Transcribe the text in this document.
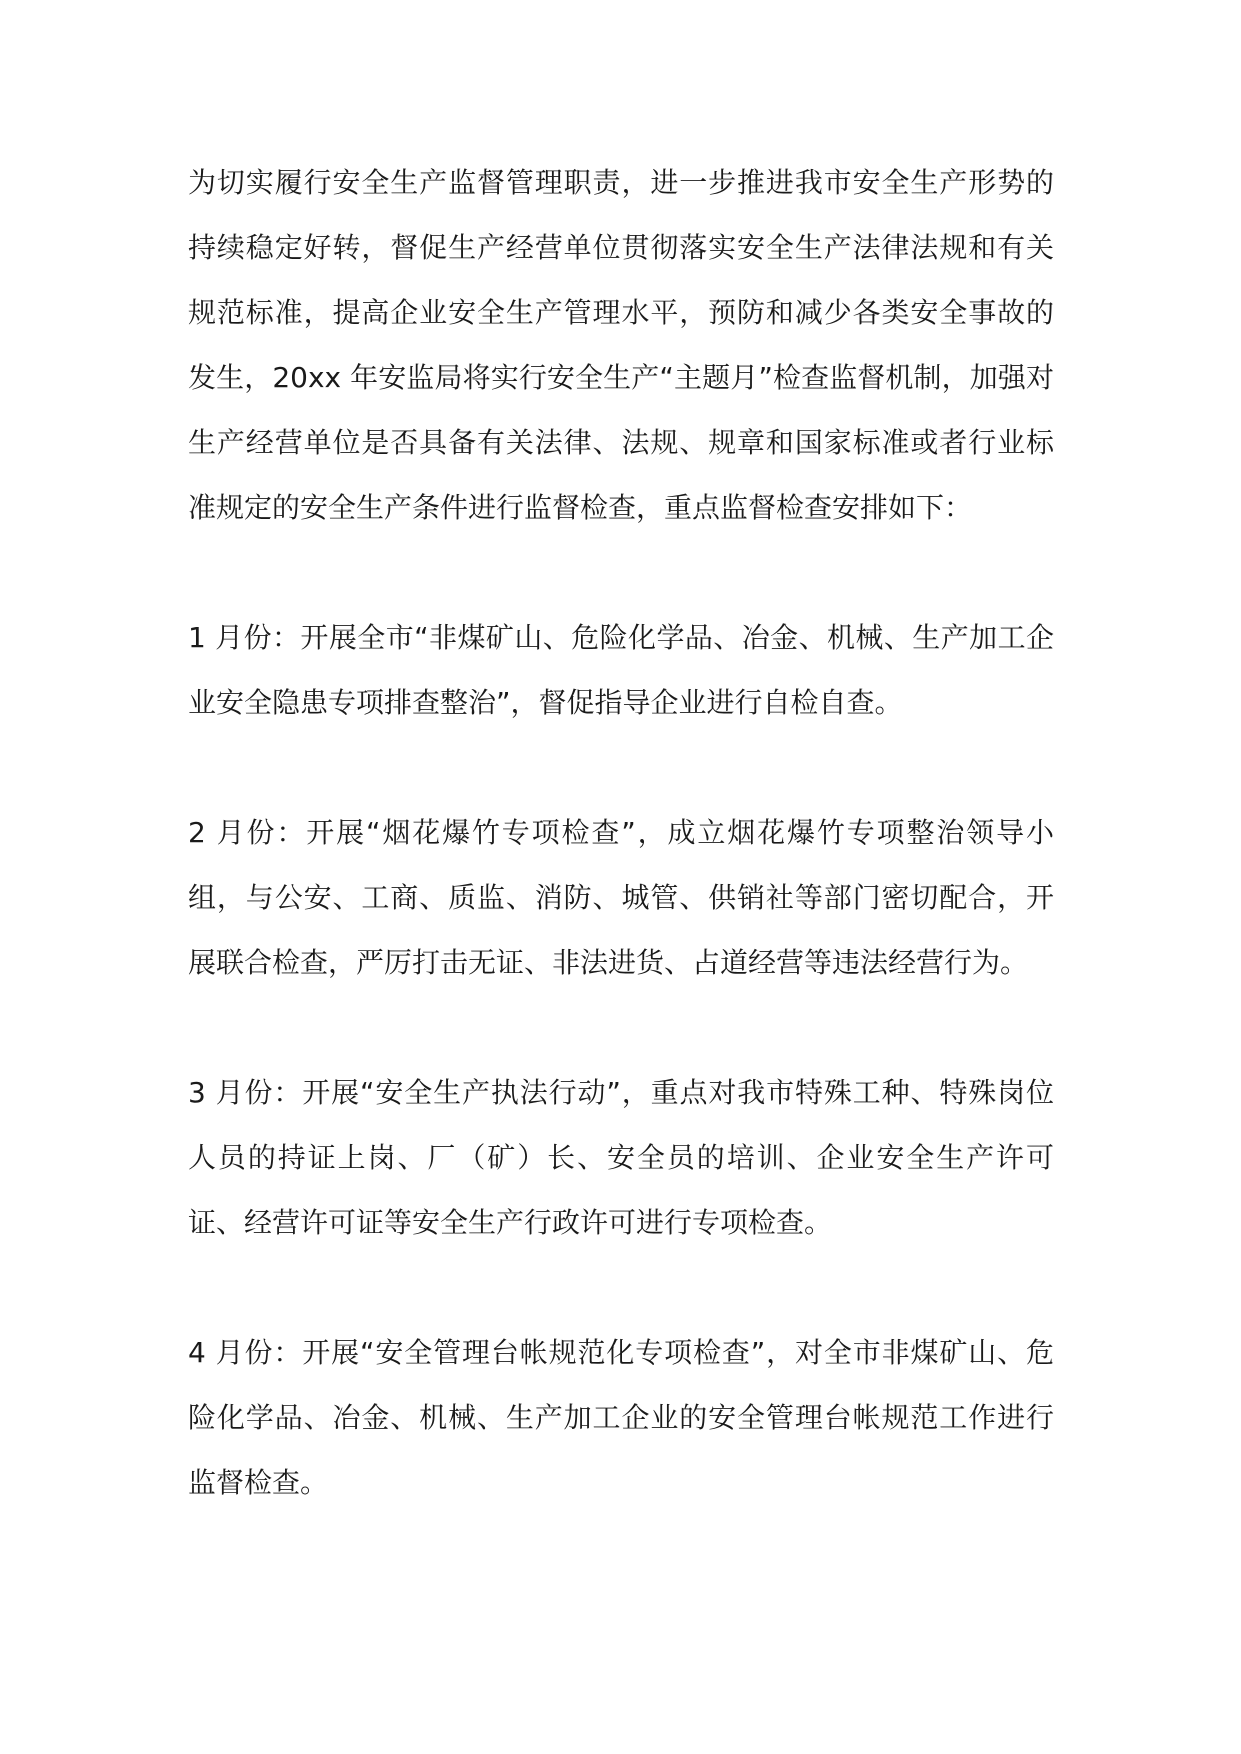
为切实履行安全生产监督管理职责，进一步推进我市安全生产形势的持续稳定好转，督促生产经营单位贯彻落实安全生产法律法规和有关规范标准，提高企业安全生产管理水平，预防和减少各类安全事故的发生，20xx 年安监局将实行安全生产“主题月”检查监督机制，加强对生产经营单位是否具备有关法律、法规、规章和国家标准或者行业标准规定的安全生产条件进行监督检查，重点监督检查安排如下：

1 月份：开展全市“非煤矿山、危险化学品、冶金、机械、生产加工企业安全隐患专项排查整治”，督促指导企业进行自检自查。

2 月份：开展“烟花爆竹专项检查”，成立烟花爆竹专项整治领导小组，与公安、工商、质监、消防、城管、供销社等部门密切配合，开展联合检查，严厉打击无证、非法进货、占道经营等违法经营行为。

3 月份：开展“安全生产执法行动”，重点对我市特殊工种、特殊岗位人员的持证上岗、厂（矿）长、安全员的培训、企业安全生产许可证、经营许可证等安全生产行政许可进行专项检查。

4 月份：开展“安全管理台帐规范化专项检查”，对全市非煤矿山、危险化学品、冶金、机械、生产加工企业的安全管理台帐规范工作进行监督检查。
